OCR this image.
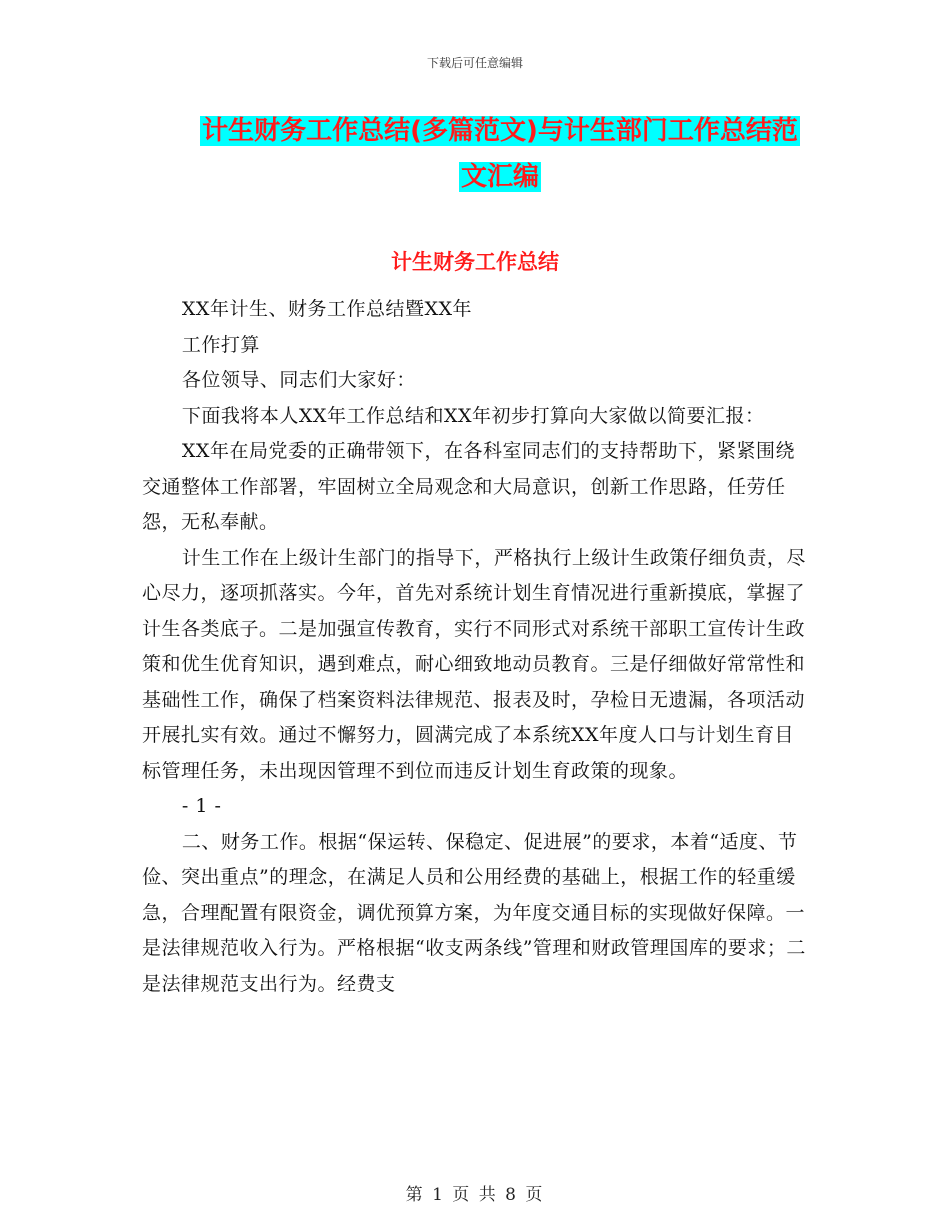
下载后可任意编辑
计生财务工作总结(多篇范文)与计生部门工作总结范
文汇编
计生财务工作总结

XX年计生、财务工作总结暨XX年

工作打算

各位领导、同志们大家好：

下面我将本人XX年工作总结和XX年初步打算向大家做以简要汇报：

XX年在局党委的正确带领下，在各科室同志们的支持帮助下，紧紧围绕交通整体工作部署，牢固树立全局观念和大局意识，创新工作思路，任劳任怨，无私奉献。

计生工作在上级计生部门的指导下，严格执行上级计生政策仔细负责，尽心尽力，逐项抓落实。今年，首先对系统计划生育情况进行重新摸底，掌握了计生各类底子。二是加强宣传教育，实行不同形式对系统干部职工宣传计生政策和优生优育知识，遇到难点，耐心细致地动员教育。三是仔细做好常常性和基础性工作，确保了档案资料法律规范、报表及时，孕检日无遗漏，各项活动开展扎实有效。通过不懈努力，圆满完成了本系统XX年度人口与计划生育目标管理任务，未出现因管理不到位而违反计划生育政策的现象。

- 1 -

二、财务工作。根据“保运转、保稳定、促进展”的要求，本着“适度、节俭、突出重点”的理念，在满足人员和公用经费的基础上，根据工作的轻重缓急，合理配置有限资金，调优预算方案，为年度交通目标的实现做好保障。一是法律规范收入行为。严格根据“收支两条线”管理和财政管理国库的要求；二是法律规范支出行为。经费支

第 1 页 共 8 页
